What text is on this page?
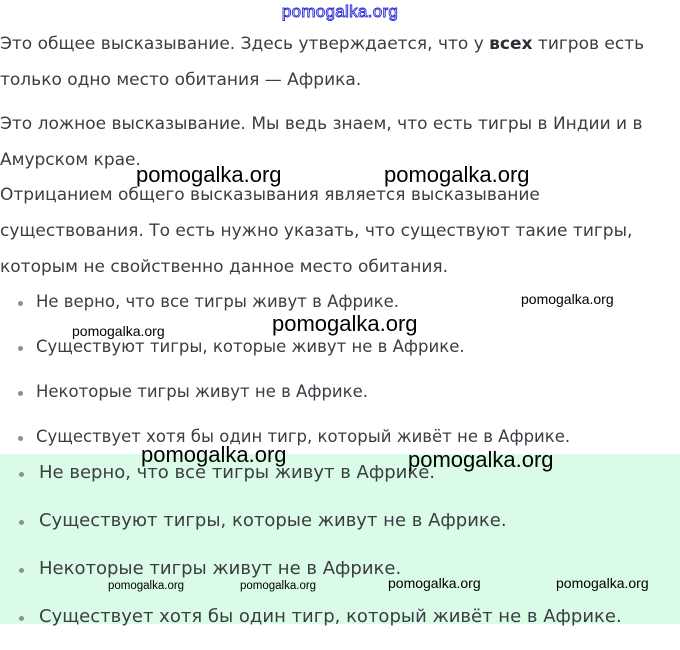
pomogalka.org

Это общее высказывание. Здесь утверждается, что у всех тигров есть только одно место обитания — Африка.

Это ложное высказывание. Мы ведь знаем, что есть тигры в Индии и в Амурском крае.

Отрицанием общего высказывания является высказывание существования. То есть нужно указать, что существуют такие тигры, которым не свойственно данное место обитания.

Не верно, что все тигры живут в Африке.
Существуют тигры, которые живут не в Африке.
Некоторые тигры живут не в Африке.
Существует хотя бы один тигр, который живёт не в Африке.
Не верно, что все тигры живут в Африке.
Существуют тигры, которые живут не в Африке.
Некоторые тигры живут не в Африке.
Существует хотя бы один тигр, который живёт не в Африке.
pomogalka.org	pomogalka.org
pomogalka.org
pomogalka.org
pomogalka.org
pomogalka.org	pomogalka.org
pomogalka.org	pomogalka.org	pomogalka.org	pomogalka.org
